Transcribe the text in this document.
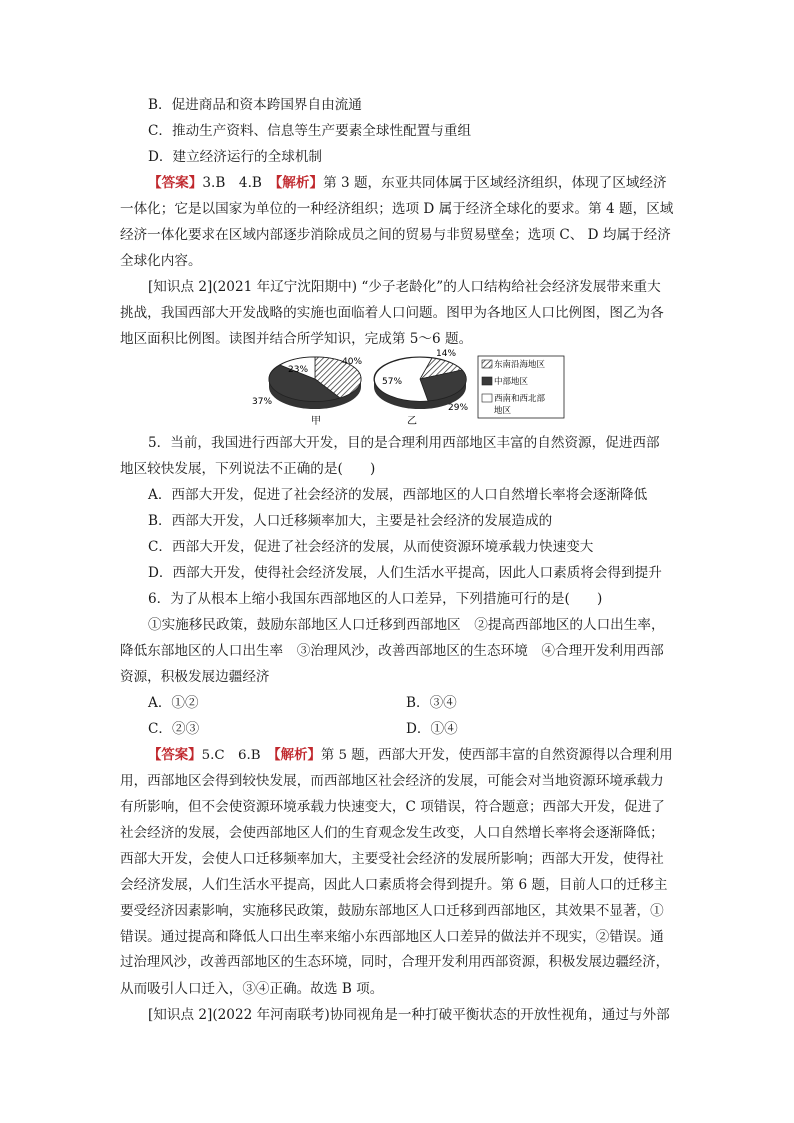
B．促进商品和资本跨国界自由流通
C．推动生产资料、信息等生产要素全球性配置与重组
D．建立经济运行的全球机制
【答案】3.B　4.B　【解析】第 3 题，东亚共同体属于区域经济组织，体现了区域经济
一体化；它是以国家为单位的一种经济组织；选项 D 属于经济全球化的要求。第 4 题，区域
经济一体化要求在区域内部逐步消除成员之间的贸易与非贸易壁垒；选项 C、 D 均属于经济
全球化内容。
[知识点 2](2021 年辽宁沈阳期中) “少子老龄化”的人口结构给社会经济发展带来重大
挑战，我国西部大开发战略的实施也面临着人口问题。图甲为各地区人口比例图，图乙为各
地区面积比例图。读图并结合所学知识，完成第 5～6 题。
23%
40%
37%
甲
57%
14%
29%
乙
东南沿海地区
中部地区
西南和西北部
地区
5．当前，我国进行西部大开发，目的是合理利用西部地区丰富的自然资源，促进西部
地区较快发展，下列说法不正确的是(　　)
A．西部大开发，促进了社会经济的发展，西部地区的人口自然增长率将会逐渐降低
B．西部大开发，人口迁移频率加大，主要是社会经济的发展造成的
C．西部大开发，促进了社会经济的发展，从而使资源环境承载力快速变大
D．西部大开发，使得社会经济发展，人们生活水平提高，因此人口素质将会得到提升
6．为了从根本上缩小我国东西部地区的人口差异，下列措施可行的是(　　)
①实施移民政策，鼓励东部地区人口迁移到西部地区　②提高西部地区的人口出生率，
降低东部地区的人口出生率　③治理风沙，改善西部地区的生态环境　④合理开发利用西部
资源，积极发展边疆经济
A．①②	B．③④
C．②③	D．①④
【答案】5.C　6.B　【解析】第 5 题，西部大开发，使西部丰富的自然资源得以合理利用
用，西部地区会得到较快发展，而西部地区社会经济的发展，可能会对当地资源环境承载力
有所影响，但不会使资源环境承载力快速变大，C 项错误，符合题意；西部大开发，促进了
社会经济的发展，会使西部地区人们的生育观念发生改变，人口自然增长率将会逐渐降低；
西部大开发，会使人口迁移频率加大，主要受社会经济的发展所影响；西部大开发，使得社
会经济发展，人们生活水平提高，因此人口素质将会得到提升。第 6 题，目前人口的迁移主
要受经济因素影响，实施移民政策，鼓励东部地区人口迁移到西部地区，其效果不显著，①
错误。通过提高和降低人口出生率来缩小东西部地区人口差异的做法并不现实，②错误。通
过治理风沙，改善西部地区的生态环境，同时，合理开发利用西部资源，积极发展边疆经济，
从而吸引人口迁入，③④正确。故选 B 项。
[知识点 2](2022 年河南联考)协同视角是一种打破平衡状态的开放性视角，通过与外部
